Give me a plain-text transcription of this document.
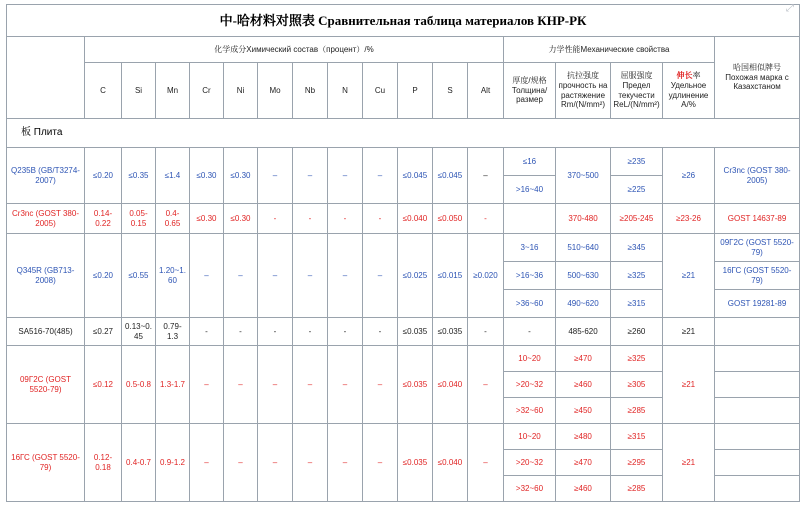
中-哈材料对照表 Сравнительная таблица материалов КНР-РК																	
	化学成分Химический состав（процент）/%												力学性能Механические свойства				哈国相似牌号Похожая марка с Казахстаном
	C	Si	Mn	Cr	Ni	Mo	Nb	N	Cu	P	S	Alt	厚度/规格 Толщина/размер	抗拉强度прочность на растяжение Rm/(N/mm²)	屈服强度Предел текучести ReL/(N/mm²)	伸长率Удельное удлинение A/%	
板 Плита																	
Q235B (GB/T3274-2007)	≤0.20	≤0.35	≤1.4	≤0.30	≤0.30	–	–	–	–	≤0.045	≤0.045	–	≤16	370~500	≥235	≥26	Cr3nc (GOST 380-2005)
													>16~40		≥225		
Cr3nc (GOST 380-2005)	0.14-0.22	0.05-0.15	0.4-0.65	≤0.30	≤0.30	-	-	-	-	≤0.040	≤0.050	-		370-480	≥205-245	≥23-26	GOST 14637-89
Q345R (GB713-2008)	≤0.20	≤0.55	1.20~1.60	–	–	–	–	–	–	≤0.025	≤0.015	≥0.020	3~16	510~640	≥345	≥21	09Г2С (GOST 5520-79)
													>16~36	500~630	≥325		16ГС (GOST 5520-79)
													>36~60	490~620	≥315		GOST 19281-89
SA516-70(485)	≤0.27	0.13~0.45	0.79-1.3	-	-	-	-	-	-	≤0.035	≤0.035	-	-	485-620	≥260	≥21	
09Г2С (GOST 5520-79)	≤0.12	0.5-0.8	1.3-1.7	–	–	–	–	–	–	≤0.035	≤0.040	–	10~20	≥470	≥325	≥21	
													>20~32	≥460	≥305		
													>32~60	≥450	≥285		
16ГС (GOST 5520-79)	0.12-0.18	0.4-0.7	0.9-1.2	–	–	–	–	–	–	≤0.035	≤0.040	–	10~20	≥480	≥315	≥21	
													>20~32	≥470	≥295		
													>32~60	≥460	≥285		
⤢
